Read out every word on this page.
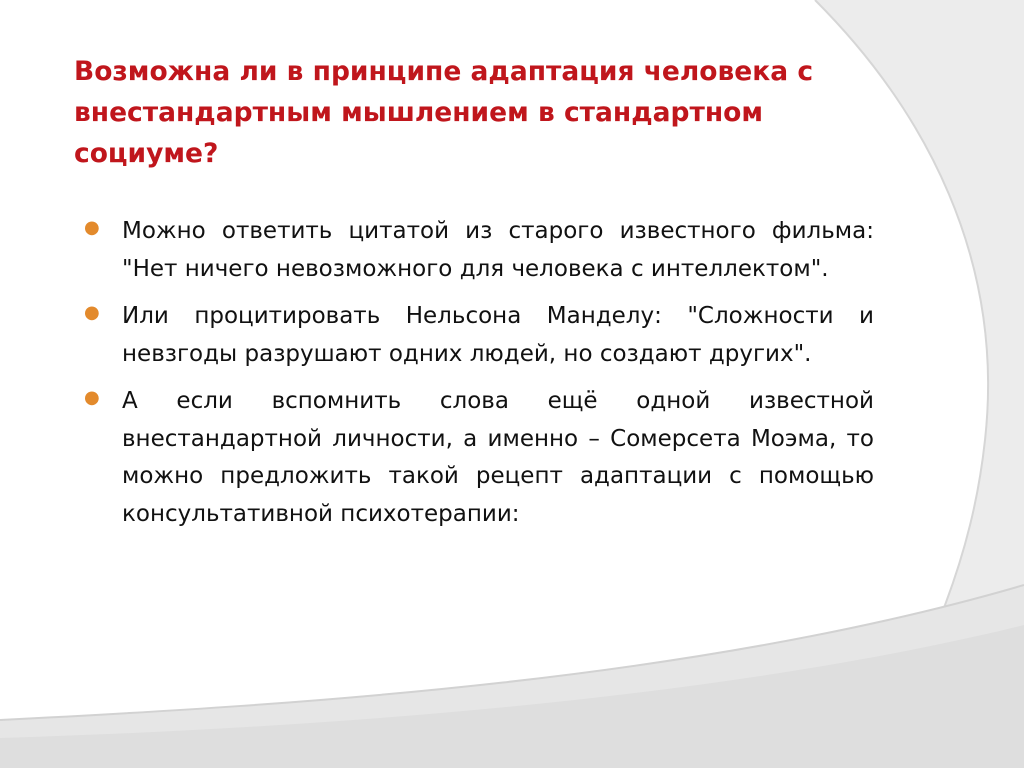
Возможна ли в принципе адаптация человека с внестандартным мышлением в стандартном социуме?
● Можно ответить цитатой из старого известного фильма: "Нет ничего невозможного для человека с интеллектом".
● Или процитировать Нельсона Манделу: "Сложности и невзгоды разрушают одних людей, но создают других".
● А если вспомнить слова ещё одной известной внестандартной личности, а именно – Сомерсета Моэма, то можно предложить такой рецепт адаптации с помощью консультативной психотерапии:
